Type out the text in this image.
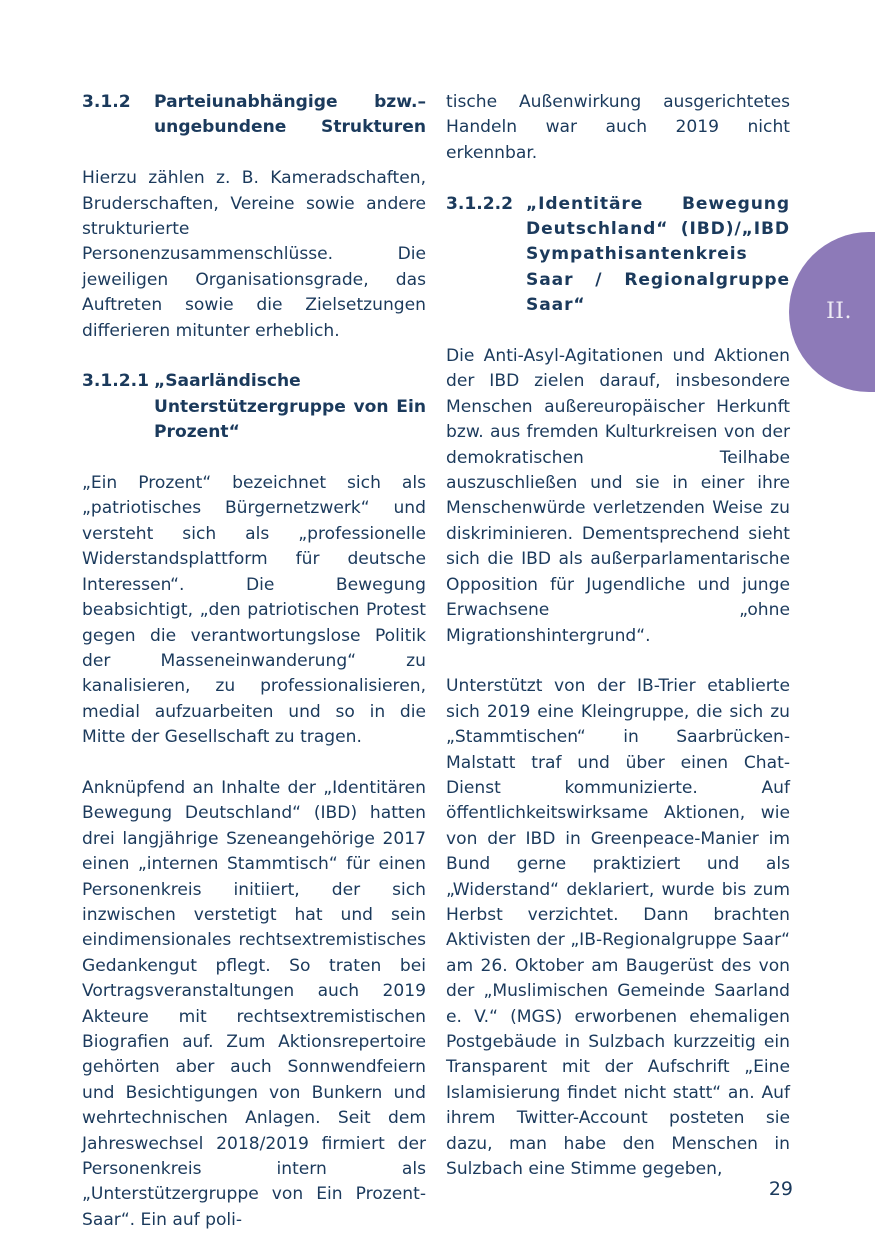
II.
3.1.2 Parteiunabhängige bzw.– ungebundene Strukturen

Hierzu zählen z. B. Kameradschaften, Bruderschaften, Vereine sowie andere strukturierte Personenzusammenschlüsse. Die jeweiligen Organisationsgrade, das Auftreten sowie die Zielsetzungen differieren mitunter erheblich.

3.1.2.1 „Saarländische Unterstützergruppe von Ein Prozent“

„Ein Prozent“ bezeichnet sich als „patriotisches Bürgernetzwerk“ und versteht sich als „professionelle Widerstandsplattform für deutsche Interessen“. Die Bewegung beabsichtigt, „den patriotischen Protest gegen die verantwortungslose Politik der Masseneinwanderung“ zu kanalisieren, zu professionalisieren, medial aufzuarbeiten und so in die Mitte der Gesellschaft zu tragen.

Anknüpfend an Inhalte der „Identitären Bewegung Deutschland“ (IBD) hatten drei langjährige Szeneangehörige 2017 einen „internen Stammtisch“ für einen Personenkreis initiiert, der sich inzwischen verstetigt hat und sein eindimensionales rechtsextremistisches Gedankengut pflegt. So traten bei Vortragsveranstaltungen auch 2019 Akteure mit rechtsextremistischen Biografien auf. Zum Aktionsrepertoire gehörten aber auch Sonnwendfeiern und Besichtigungen von Bunkern und wehrtechnischen Anlagen. Seit dem Jahreswechsel 2018/2019 firmiert der Personenkreis intern als „Unterstützergruppe von Ein Prozent-Saar“. Ein auf poli-

tische Außenwirkung ausgerichtetes Handeln war auch 2019 nicht erkennbar.

3.1.2.2 „Identitäre Bewegung Deutschland“ (IBD)/„IBD Sympathisantenkreis Saar / Regionalgruppe Saar“

Die Anti-Asyl-Agitationen und Aktionen der IBD zielen darauf, insbesondere Menschen außereuropäischer Herkunft bzw. aus fremden Kulturkreisen von der demokratischen Teilhabe auszuschließen und sie in einer ihre Menschenwürde verletzenden Weise zu diskriminieren. Dementsprechend sieht sich die IBD als außerparlamentarische Opposition für Jugendliche und junge Erwachsene „ohne Migrationshintergrund“.

Unterstützt von der IB-Trier etablierte sich 2019 eine Kleingruppe, die sich zu „Stammtischen“ in Saarbrücken-Malstatt traf und über einen Chat-Dienst kommunizierte. Auf öffentlichkeitswirksame Aktionen, wie von der IBD in Greenpeace-Manier im Bund gerne praktiziert und als „Widerstand“ deklariert, wurde bis zum Herbst verzichtet. Dann brachten Aktivisten der „IB-Regionalgruppe Saar“ am 26. Oktober am Baugerüst des von der „Muslimischen Gemeinde Saarland e. V.“ (MGS) erworbenen ehemaligen Postgebäude in Sulzbach kurzzeitig ein Transparent mit der Aufschrift „Eine Islamisierung findet nicht statt“ an. Auf ihrem Twitter-Account posteten sie dazu, man habe den Menschen in Sulzbach eine Stimme gegeben,

29
